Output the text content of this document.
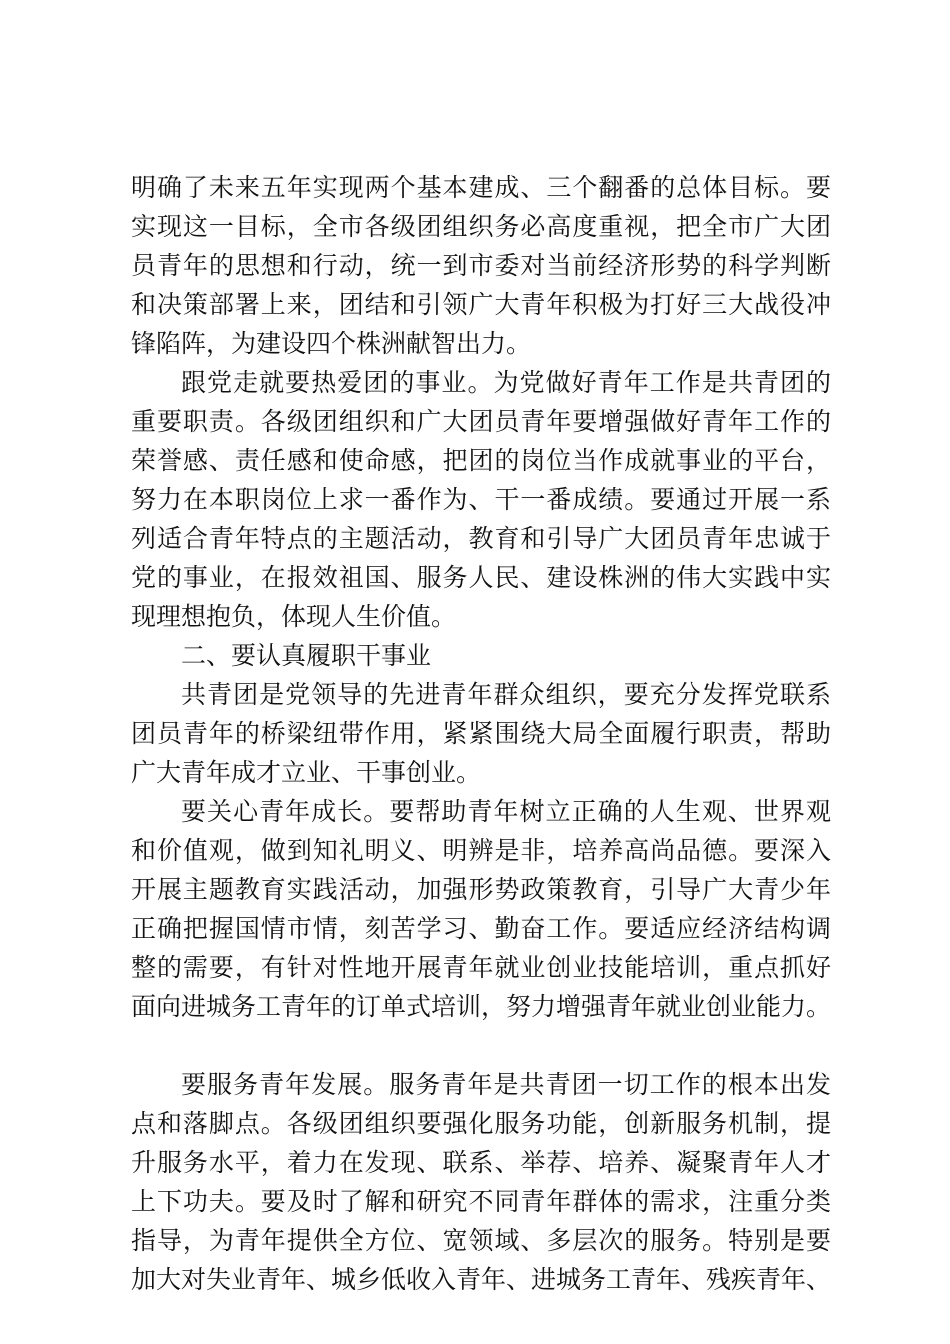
明确了未来五年实现两个基本建成、三个翻番的总体目标。要
实现这一目标，全市各级团组织务必高度重视，把全市广大团
员青年的思想和行动，统一到市委对当前经济形势的科学判断
和决策部署上来，团结和引领广大青年积极为打好三大战役冲
锋陷阵，为建设四个株洲献智出力。
跟党走就要热爱团的事业。为党做好青年工作是共青团的
重要职责。各级团组织和广大团员青年要增强做好青年工作的
荣誉感、责任感和使命感，把团的岗位当作成就事业的平台，
努力在本职岗位上求一番作为、干一番成绩。要通过开展一系
列适合青年特点的主题活动，教育和引导广大团员青年忠诚于
党的事业，在报效祖国、服务人民、建设株洲的伟大实践中实
现理想抱负，体现人生价值。
二、要认真履职干事业
共青团是党领导的先进青年群众组织，要充分发挥党联系
团员青年的桥梁纽带作用，紧紧围绕大局全面履行职责，帮助
广大青年成才立业、干事创业。
要关心青年成长。要帮助青年树立正确的人生观、世界观
和价值观，做到知礼明义、明辨是非，培养高尚品德。要深入
开展主题教育实践活动，加强形势政策教育，引导广大青少年
正确把握国情市情，刻苦学习、勤奋工作。要适应经济结构调
整的需要，有针对性地开展青年就业创业技能培训，重点抓好
面向进城务工青年的订单式培训，努力增强青年就业创业能力。
要服务青年发展。服务青年是共青团一切工作的根本出发
点和落脚点。各级团组织要强化服务功能，创新服务机制，提
升服务水平，着力在发现、联系、举荐、培养、凝聚青年人才
上下功夫。要及时了解和研究不同青年群体的需求，注重分类
指导，为青年提供全方位、宽领域、多层次的服务。特别是要
加大对失业青年、城乡低收入青年、进城务工青年、残疾青年、
